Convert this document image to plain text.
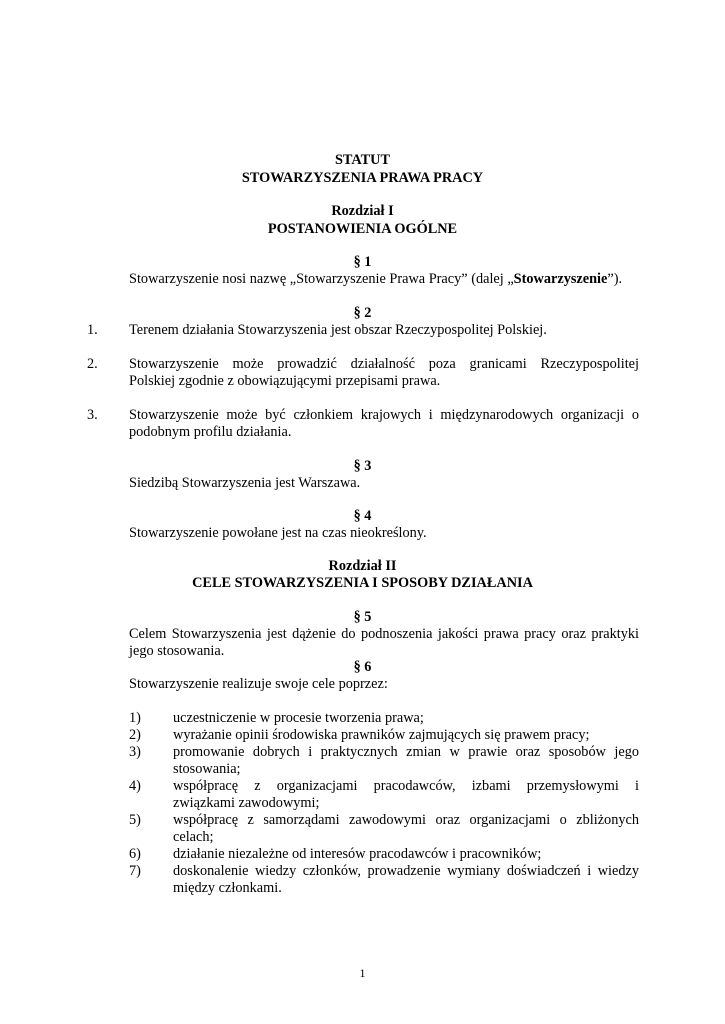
STATUT
STOWARZYSZENIA PRAWA PRACY
Rozdział I
POSTANOWIENIA OGÓLNE
§ 1
Stowarzyszenie nosi nazwę „Stowarzyszenie Prawa Pracy” (dalej „Stowarzyszenie”).
§ 2
1. Terenem działania Stowarzyszenia jest obszar Rzeczypospolitej Polskiej.
2. Stowarzyszenie może prowadzić działalność poza granicami Rzeczypospolitej
Polskiej zgodnie z obowiązującymi przepisami prawa.
3. Stowarzyszenie może być członkiem krajowych i międzynarodowych organizacji o
podobnym profilu działania.
§ 3
Siedzibą Stowarzyszenia jest Warszawa.
§ 4
Stowarzyszenie powołane jest na czas nieokreślony.
Rozdział II
CELE STOWARZYSZENIA I SPOSOBY DZIAŁANIA
§ 5
Celem Stowarzyszenia jest dążenie do podnoszenia jakości prawa pracy oraz praktyki
jego stosowania.
§ 6
Stowarzyszenie realizuje swoje cele poprzez:
1) uczestniczenie w procesie tworzenia prawa;
2) wyrażanie opinii środowiska prawników zajmujących się prawem pracy;
3) promowanie dobrych i praktycznych zmian w prawie oraz sposobów jego
stosowania;
4) współpracę z organizacjami pracodawców, izbami przemysłowymi i
związkami zawodowymi;
5) współpracę z samorządami zawodowymi oraz organizacjami o zbliżonych
celach;
6) działanie niezależne od interesów pracodawców i pracowników;
7) doskonalenie wiedzy członków, prowadzenie wymiany doświadczeń i wiedzy
między członkami.
1
